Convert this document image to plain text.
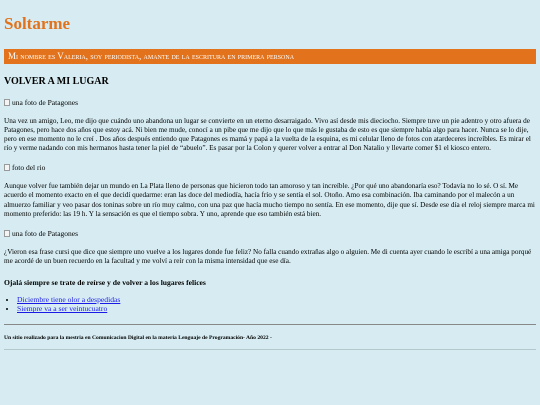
Soltarme
Mi nombre es Valeria, soy periodista, amante de la escritura en primera persona
VOLVER A MI LUGAR
una foto de Patagones

Una vez un amigo, Leo, me dijo que cuándo uno abandona un lugar se convierte en un eterno desarraigado. Vivo así desde mis dieciocho. Siempre tuve un pie adentro y otro afuera de Patagones, pero hace dos años que estoy acá. Ni bien me mude, conocí a un pibe que me dijo que lo que más le gustaba de esto es que siempre había algo para hacer. Nunca se lo dije, pero en ese momento no le creí . Dos años después entiendo que Patagones es mamá y papá a la vuelta de la esquina, es mi celular lleno de fotos con atardeceres increíbles. Es mirar el río y verme nadando con mis hermanos hasta tener la piel de “abuelo”. Es pasar por la Colon y querer volver a entrar al Don Natalio y llevarte comer $1 el kiosco entero.

foto del rio

Aunque volver fue también dejar un mundo en La Plata lleno de personas que hicieron todo tan amoroso y tan increíble. ¿Por qué uno abandonaría eso? Todavía no lo sé. O sí. Me acuerdo el momento exacto en el que decidí quedarme: eran las doce del mediodía, hacía frío y se sentía el sol. Otoño. Amo esa combinación. Iba caminando por el malecón a un almuerzo familiar y veo pasar dos toninas sobre un río muy calmo, con una paz que hacía mucho tiempo no sentía. En ese momento, dije que sí. Desde ese día el reloj siempre marca mi momento preferido: las 19 h. Y la sensación es que el tiempo sobra. Y uno, aprende que eso también está bien.

una foto de Patagones

¿Vieron esa frase cursi que dice que siempre uno vuelve a los lugares donde fue feliz? No falla cuando extrañas algo o alguien. Me di cuenta ayer cuando le escribí a una amiga porqué me acordé de un buen recuerdo en la facultad y me volví a reír con la misma intensidad que ese día.

Ojalá siempre se trate de reírse y de volver a los lugares felices

• Diciembre tiene olor a despedidas
• Siempre va a ser veintucuatro
Un sitio realizado para la mestria en Comunicacion Digital en la materia Lenguaje de Programación- Año 2022 -
